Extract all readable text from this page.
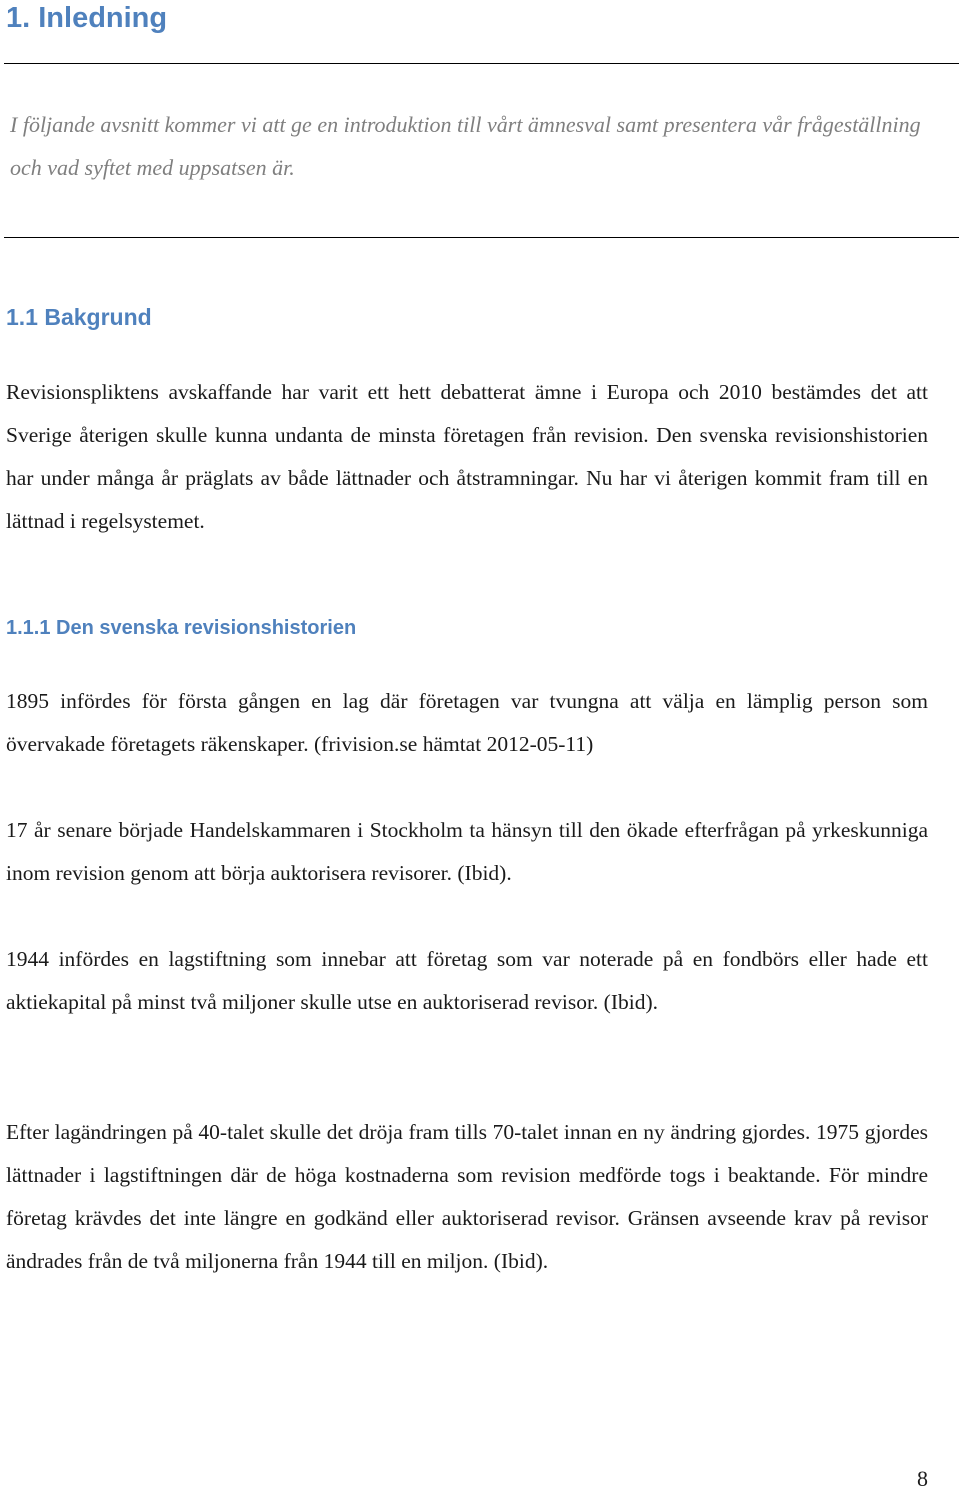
1. Inledning

I följande avsnitt kommer vi att ge en introduktion till vårt ämnesval samt presentera vår frågeställning och vad syftet med uppsatsen är.

1.1 Bakgrund

Revisionspliktens avskaffande har varit ett hett debatterat ämne i Europa och 2010 bestämdes det att Sverige återigen skulle kunna undanta de minsta företagen från revision. Den svenska revisionshistorien har under många år präglats av både lättnader och åtstramningar. Nu har vi återigen kommit fram till en lättnad i regelsystemet.

1.1.1 Den svenska revisionshistorien

1895 infördes för första gången en lag där företagen var tvungna att välja en lämplig person som övervakade företagets räkenskaper. (frivision.se hämtat 2012-05-11)

17 år senare började Handelskammaren i Stockholm ta hänsyn till den ökade efterfrågan på yrkeskunniga inom revision genom att börja auktorisera revisorer. (Ibid).

1944 infördes en lagstiftning som innebar att företag som var noterade på en fondbörs eller hade ett aktiekapital på minst två miljoner skulle utse en auktoriserad revisor. (Ibid).

Efter lagändringen på 40-talet skulle det dröja fram tills 70-talet innan en ny ändring gjordes. 1975 gjordes lättnader i lagstiftningen där de höga kostnaderna som revision medförde togs i beaktande. För mindre företag krävdes det inte längre en godkänd eller auktoriserad revisor. Gränsen avseende krav på revisor ändrades från de två miljonerna från 1944 till en miljon. (Ibid).

8
